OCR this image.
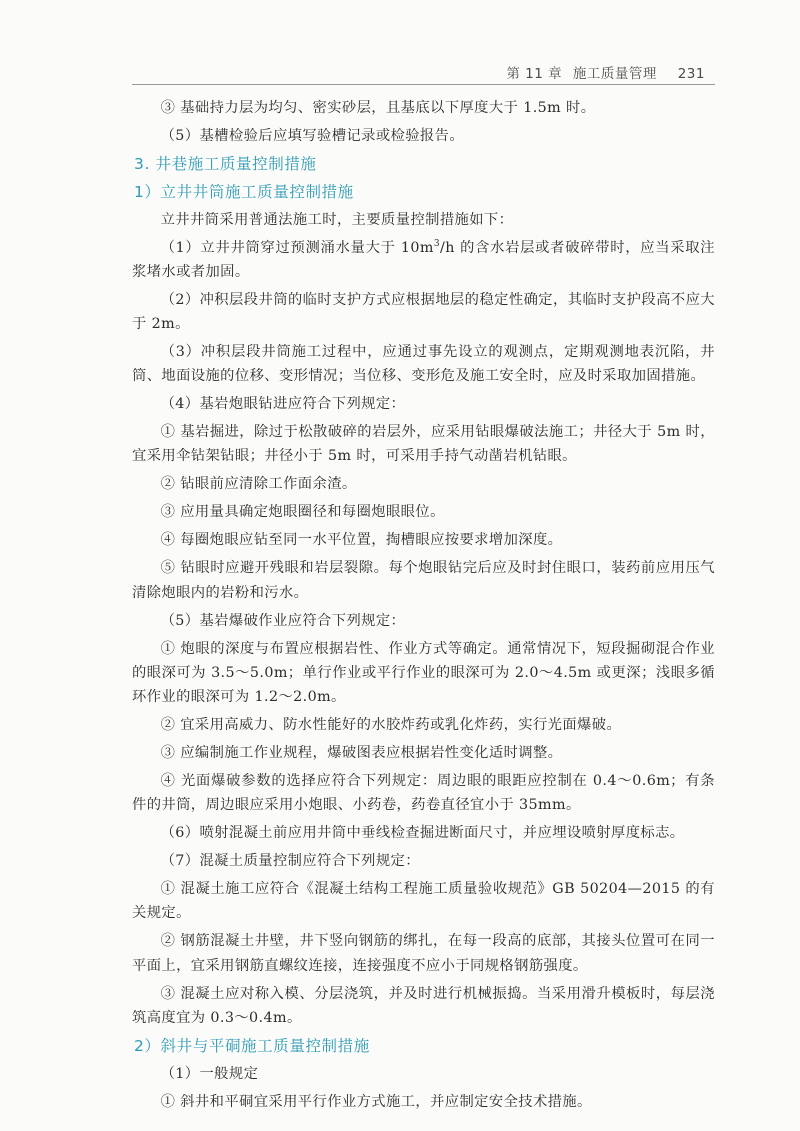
第 11 章 施工质量管理 231

③ 基础持力层为均匀、密实砂层，且基底以下厚度大于 1.5m 时。

（5）基槽检验后应填写验槽记录或检验报告。

3. 井巷施工质量控制措施
1）立井井筒施工质量控制措施

立井井筒采用普通法施工时，主要质量控制措施如下：

（1）立井井筒穿过预测涌水量大于 $10m^3/h$ 的含水岩层或者破碎带时，应当采取注浆堵水或者加固。

（2）冲积层段井筒的临时支护方式应根据地层的稳定性确定，其临时支护段高不应大于 2m。

（3）冲积层段井筒施工过程中，应通过事先设立的观测点，定期观测地表沉陷，井筒、地面设施的位移、变形情况；当位移、变形危及施工安全时，应及时采取加固措施。

（4）基岩炮眼钻进应符合下列规定：

① 基岩掘进，除过于松散破碎的岩层外，应采用钻眼爆破法施工；井径大于 5m 时，宜采用伞钻架钻眼；井径小于 5m 时，可采用手持气动凿岩机钻眼。

② 钻眼前应清除工作面余渣。

③ 应用量具确定炮眼圈径和每圈炮眼眼位。

④ 每圈炮眼应钻至同一水平位置，掏槽眼应按要求增加深度。

⑤ 钻眼时应避开残眼和岩层裂隙。每个炮眼钻完后应及时封住眼口，装药前应用压气清除炮眼内的岩粉和污水。

（5）基岩爆破作业应符合下列规定：

① 炮眼的深度与布置应根据岩性、作业方式等确定。通常情况下，短段掘砌混合作业的眼深可为 3.5～5.0m；单行作业或平行作业的眼深可为 2.0～4.5m 或更深；浅眼多循环作业的眼深可为 1.2～2.0m。

② 宜采用高威力、防水性能好的水胶炸药或乳化炸药，实行光面爆破。

③ 应编制施工作业规程，爆破图表应根据岩性变化适时调整。

④ 光面爆破参数的选择应符合下列规定：周边眼的眼距应控制在 0.4～0.6m；有条件的井筒，周边眼应采用小炮眼、小药卷，药卷直径宜小于 35mm。

（6）喷射混凝土前应用井筒中垂线检查掘进断面尺寸，并应埋设喷射厚度标志。

（7）混凝土质量控制应符合下列规定：

① 混凝土施工应符合《混凝土结构工程施工质量验收规范》GB 50204—2015 的有关规定。

② 钢筋混凝土井壁，井下竖向钢筋的绑扎，在每一段高的底部，其接头位置可在同一平面上，宜采用钢筋直螺纹连接，连接强度不应小于同规格钢筋强度。

③ 混凝土应对称入模、分层浇筑，并及时进行机械振捣。当采用滑升模板时，每层浇筑高度宜为 0.3～0.4m。

2）斜井与平硐施工质量控制措施

（1）一般规定

① 斜井和平硐宜采用平行作业方式施工，并应制定安全技术措施。
